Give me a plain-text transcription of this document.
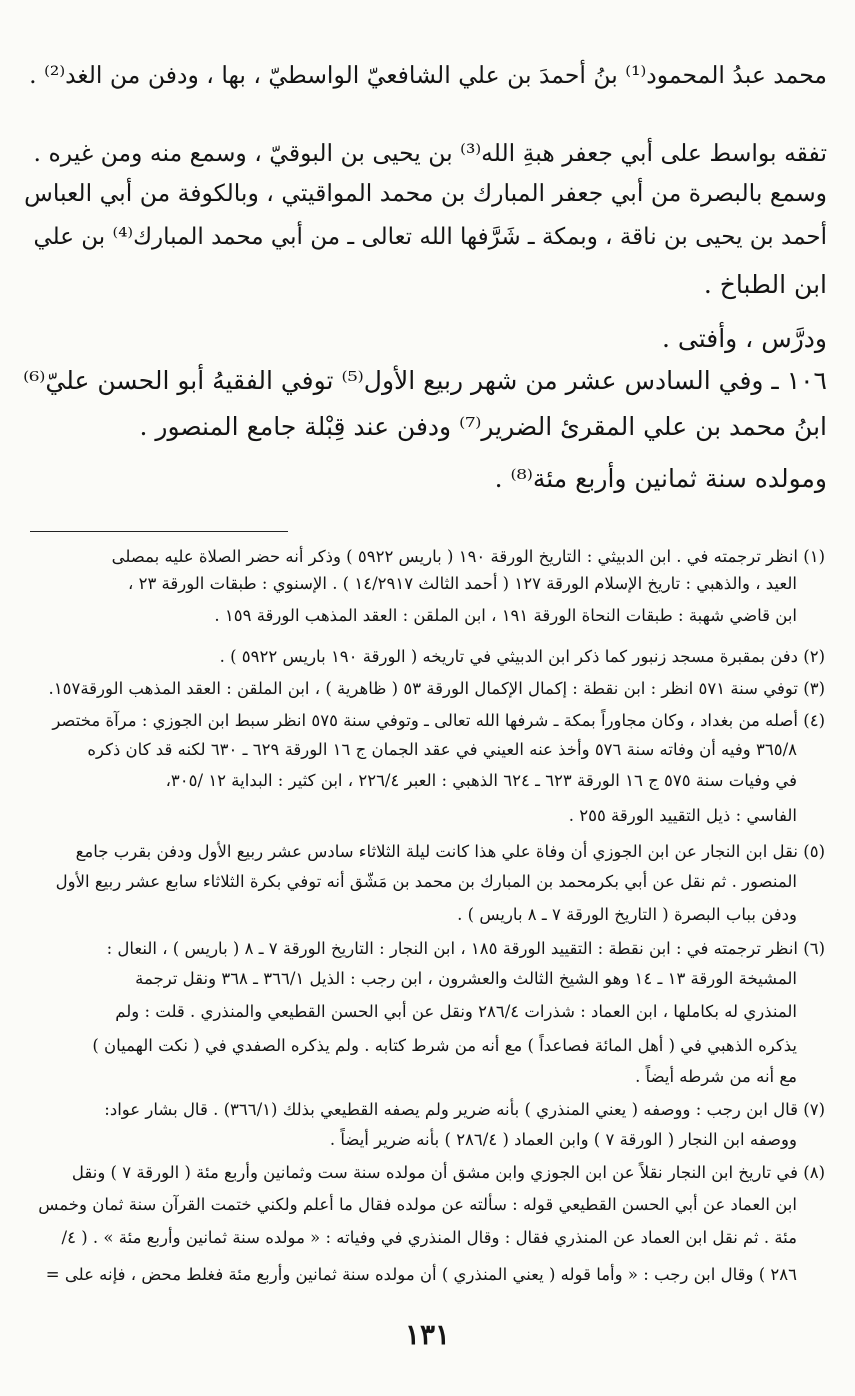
محمد عبدُ المحمود⁽¹⁾ بنُ أحمدَ بن علي الشافعيّ الواسطيّ ، بها ، ودفن من الغد⁽²⁾ .
تفقه بواسط على أبي جعفر هبةِ الله⁽³⁾ بن يحيى بن البوقيّ ، وسمع منه ومن غيره .
وسمع بالبصرة من أبي جعفر المبارك بن محمد المواقيتي ، وبالكوفة من أبي العباس
أحمد بن يحيى بن ناقة ، وبمكة ـ شَرَّفها الله تعالى ـ من أبي محمد المبارك⁽⁴⁾ بن علي
ابن الطباخ .
ودرَّس ، وأفتى .
١٠٦ ـ وفي السادس عشر من شهر ربيع الأول⁽⁵⁾ توفي الفقيهُ أبو الحسن عليّ⁽⁶⁾
ابنُ محمد بن علي المقرئ الضرير⁽⁷⁾ ودفن عند قِبْلة جامع المنصور .
ومولده سنة ثمانين وأربع مئة⁽⁸⁾ .
(١) انظر ترجمته في . ابن الدبيثي : التاريخ الورقة ١٩٠ ( باريس ٥٩٢٢ ) وذكر أنه حضر الصلاة عليه بمصلى
العيد ، والذهبي : تاريخ الإسلام الورقة ١٢٧ ( أحمد الثالث ١٤/٢٩١٧ ) . الإسنوي : طبقات الورقة ٢٣ ،
ابن قاضي شهبة : طبقات النحاة الورقة ١٩١ ، ابن الملقن : العقد المذهب الورقة ١٥٩ .
(٢) دفن بمقبرة مسجد زنبور كما ذكر ابن الدبيثي في تاريخه ( الورقة ١٩٠ باريس ٥٩٢٢ ) .
(٣) توفي سنة ٥٧١ انظر : ابن نقطة : إكمال الإكمال الورقة ٥٣ ( ظاهرية ) ، ابن الملقن : العقد المذهب الورقة١٥٧.
(٤) أصله من بغداد ، وكان مجاوراً بمكة ـ شرفها الله تعالى ـ وتوفي سنة ٥٧٥ انظر سبط ابن الجوزي : مرآة مختصر
٣٦٥/٨ وفيه أن وفاته سنة ٥٧٦ وأخذ عنه العيني في عقد الجمان ج ١٦ الورقة ٦٢٩ ـ ٦٣٠ لكنه قد كان ذكره
في وفيات سنة ٥٧٥ ج ١٦ الورقة ٦٢٣ ـ ٦٢٤ الذهبي : العبر ٢٢٦/٤ ، ابن كثير : البداية ١٢ /٣٠٥،
الفاسي : ذيل التقييد الورقة ٢٥٥ .
(٥) نقل ابن النجار عن ابن الجوزي أن وفاة علي هذا كانت ليلة الثلاثاء سادس عشر ربيع الأول ودفن بقرب جامع
المنصور . ثم نقل عن أبي بكرمحمد بن المبارك بن محمد بن مَشّق أنه توفي بكرة الثلاثاء سابع عشر ربيع الأول
ودفن بباب البصرة ( التاريخ الورقة ٧ ـ ٨ باريس ) .
(٦) انظر ترجمته في : ابن نقطة : التقييد الورقة ١٨٥ ، ابن النجار : التاريخ الورقة ٧ ـ ٨ ( باريس ) ، النعال :
المشيخة الورقة ١٣ ـ ١٤ وهو الشيخ الثالث والعشرون ، ابن رجب : الذيل ٣٦٦/١ ـ ٣٦٨ ونقل ترجمة
المنذري له بكاملها ، ابن العماد : شذرات ٢٨٦/٤ ونقل عن أبي الحسن القطيعي والمنذري . قلت : ولم
يذكره الذهبي في ( أهل المائة فصاعداً ) مع أنه من شرط كتابه . ولم يذكره الصفدي في ( نكت الهميان )
مع أنه من شرطه أيضاً .
(٧) قال ابن رجب : ووصفه ( يعني المنذري ) بأنه ضرير ولم يصفه القطيعي بذلك (٣٦٦/١) . قال بشار عواد:
ووصفه ابن النجار ( الورقة ٧ ) وابن العماد ( ٢٨٦/٤ ) بأنه ضرير أيضاً .
(٨) في تاريخ ابن النجار نقلاً عن ابن الجوزي وابن مشق أن مولده سنة ست وثمانين وأربع مئة ( الورقة ٧ ) ونقل
ابن العماد عن أبي الحسن القطيعي قوله : سألته عن مولده فقال ما أعلم ولكني ختمت القرآن سنة ثمان وخمس
مئة . ثم نقل ابن العماد عن المنذري فقال : وقال المنذري في وفياته : « مولده سنة ثمانين وأربع مئة » . ( ٤/
٢٨٦ ) وقال ابن رجب : « وأما قوله ( يعني المنذري ) أن مولده سنة ثمانين وأربع مئة فغلط محض ، فإنه على =
١٣١
